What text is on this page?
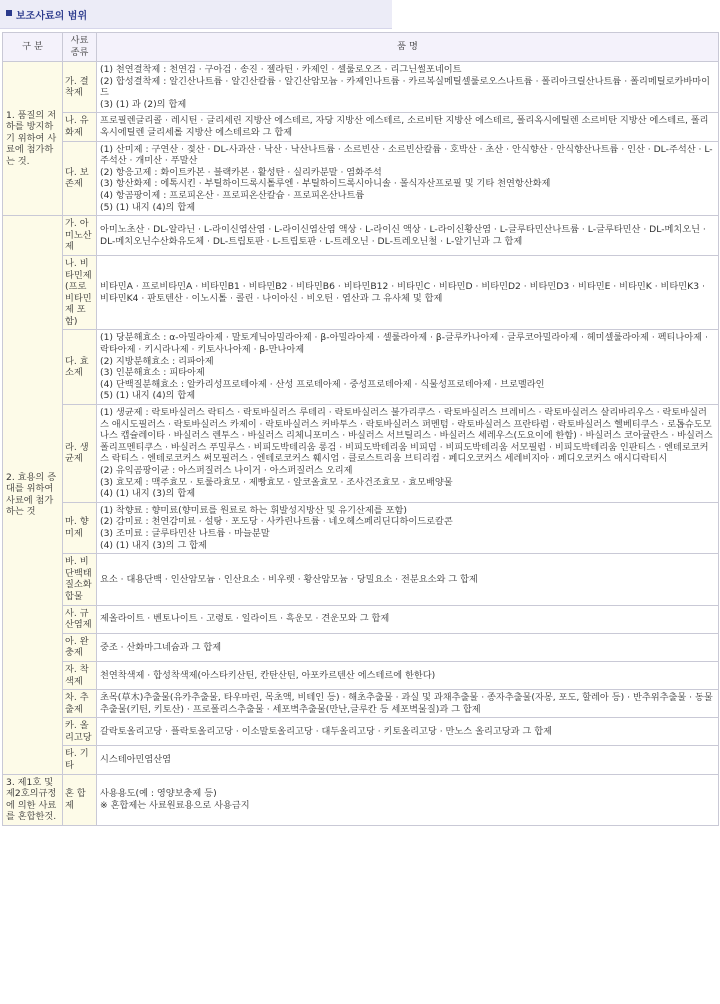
보조사료의 범위
구 분	사료 종류	품 명
1. 품질의 저하를 방지하기 위하여 사료에 첨가하는 것.	가. 결착제	(1) 천연결착제 : 천연검 · 구아검 · 송진 · 젤라틴 · 카제인 · 셀룰로오즈 · 리그닌썰포네이트
(2) 합성결착제 : 알긴산나트륨 · 알긴산칼륨 · 알긴산암모늄 · 카제인나트륨 · 카르복실메틸셀룰로오스나트륨 · 폴리아크릴산나트륨 · 폴리메틸로카바마이드
(3) (1) 과 (2)의 합제

	나. 유화제	프로필렌글리콜 · 레시틴 · 글리세린 지방산 에스테르, 자당 지방산 에스테르, 소르비탄 지방산 에스테르, 폴리옥시에틸렌 소르비탄 지방산 에스테르, 폴리옥시에틸렌 글리세롤 지방산 에스테르와 그 합제

	다. 보존제	(1) 산미제 : 구연산 · 젖산 · DL-사과산 · 낙산 · 낙산나트륨 · 소르빈산 · 소르빈산칼륨 · 호박산 · 초산 · 안식향산 · 안식향산나트륨 · 인산 · DL-주석산 · L-주석산 · 개미산 · 푸말산
(2) 항응고제 : 화이트카본 · 블랙카본 · 활성탄 · 실리카분말 · 염화주석
(3) 항산화제 : 에톡시킨 · 부틸하이드록시톨루엔 · 부틸하이드록시아니솔 · 몰식자산프로필 및 기타 천연항산화제
(4) 항곰팡이제 : 프로피온산 · 프로피온산칼슘 · 프로피온산나트륨
(5) (1) 내지 (4)의 합제

2. 효용의 증대를 위하여 사료에 첨가하는 것	가. 아미노산제	아미노초산 · DL-알라닌 · L-라이신염산염 · L-라이신염산염 액상 · L-라이신 액상 · L-라이신황산염 · L-글루타민산나트륨 · L-글루타민산 · DL-메치오닌 · DL-메치오닌수산화유도체 · DL-트립토판 · L-트립토판 · L-트레오닌 · DL-트레오닌철 · L-알기닌과 그 합제

	나. 비타민제(프로비타민제 포함)	비타민A · 프로비타민A · 비타민B1 · 비타민B2 · 비타민B6 · 비타민B12 · 비타민C · 비타민D · 비타민D2 · 비타민D3 · 비타민E · 비타민K · 비타민K3 · 비타민K4 · 판토텐산 · 이노시톨 · 콜린 · 나이아신 · 비오틴 · 엽산과 그 유사체 및 합제

	다. 효소제	(1) 당분해효소 : α-아밀라아제 · 말토게닉아밀라아제 · β-아밀라아제 · 셀룰라아제 · β-글루카나아제 · 글루코아밀라아제 · 헤미셀룰라아제 · 펙티나아제 · 락타아제 · 키시라나제 · 키토사나아제 · β-만나아제
(2) 지방분해효소 : 리파아제
(3) 인분해효소 : 피타아제
(4) 단백질분해효소 : 알카리성프로테아제 · 산성 프로테아제 · 중성프로테아제 · 식물성프로테아제 · 브로멜라인
(5) (1) 내지 (4)의 합제

	라. 생균제	(1) 생균제 : 락토바실러스 락티스 · 락토바실러스 루테리 · 락토바실러스 불가리쿠스 · 락토바실러스 브레비스 · 락토바실러스 살리바리우스 · 락토바실러스 애시도필러스 · 락토바실러스 카제이 · 락토바실러스 커바투스 · 락토바실러스 퍼멘텀 · 락토바실러스 프란타럼 · 락토바실러스 헬베티쿠스 · 로톱슈도모나스 캡슐레이타 · 바실러스 렌투스 · 바실러스 리체니포미스 · 바실러스 서브틸리스 · 바실러스 세레우스(도요이에 한함) · 바실러스 코아귤란스 · 바실러스 폴리프멘티쿠스 · 바실러스 푸밀루스 · 비피도박테리움 롱검 · 비피도박테리움 비피덤 · 비피도박테리움 서모필럼 · 비피도박테리움 인판티스 · 엔테로코커스 락티스 · 엔테로코커스 써모필러스 · 엔테로코커스 훼시엄 · 클로스트리움 브티리컴 · 페디오코커스 세레비지아 · 페디오코커스 애시디락티시
(2) 유익곰팡이균 : 아스퍼질러스 나이거 · 아스퍼질러스 오리제
(3) 효모제 : 맥주효모 · 토룰라효모 · 제빵효모 · 알코올효모 · 조사건조효모 · 효모배양물
(4) (1) 내지 (3)의 합제

	마. 향미제	(1) 착향료 : 향미료(향미료를 원료로 하는 휘발성지방산 및 유기산제를 포함)
(2) 감미료 : 천연감미료 · 설탕 · 포도당 · 사카린나트륨 · 네오헤스페리딘디하이드로칼콘
(3) 조미료 : 글루타민산 나트륨 · 마늘분말
(4) (1) 내지 (3)의 그 합제

	바. 비단백태질소화합물	요소 · 대용단백 · 인산암모늄 · 인산요소 · 비우렛 · 황산암모늄 · 당밀요소 · 전분요소와 그 합제

	사. 규산염제	제올라이트 · 벤토나이트 · 고령토 · 일라이트 · 흑운모 · 견운모와 그 합제

	아. 완충제	중조 · 산화마그네슘과 그 합제

	자. 착색제	천연착색제 · 합성착색제(아스타키산틴, 칸탄산틴, 아포카르텐산 에스테르에 한한다)

	차. 추출제	초목(草木)추출물(유카추출물, 타우마린, 목초액, 비테인 등) · 해초추출물 · 과실 및 과채추출물 · 종자추출물(자몽, 포도, 할레아 등) · 반추위추출물 · 동물추출물(키틴, 키토산) · 프로폴리스추출물 · 세포벽추출물(만난,글루칸 등 세포벽물질)과 그 합제

	카. 올리고당	갈락토올리고당 · 플락토올리고당 · 이소말토올리고당 · 대두올리고당 · 키토올리고당 · 만노스 올리고당과 그 합제

	타. 기타	시스테아민염산염

3. 제1호 및 제2호의규정에 의한 사료를 혼합한것.	혼 합 제	사용용도(예 : 영양보충제 등)
※ 혼합제는 사료원료용으로 사용금지
